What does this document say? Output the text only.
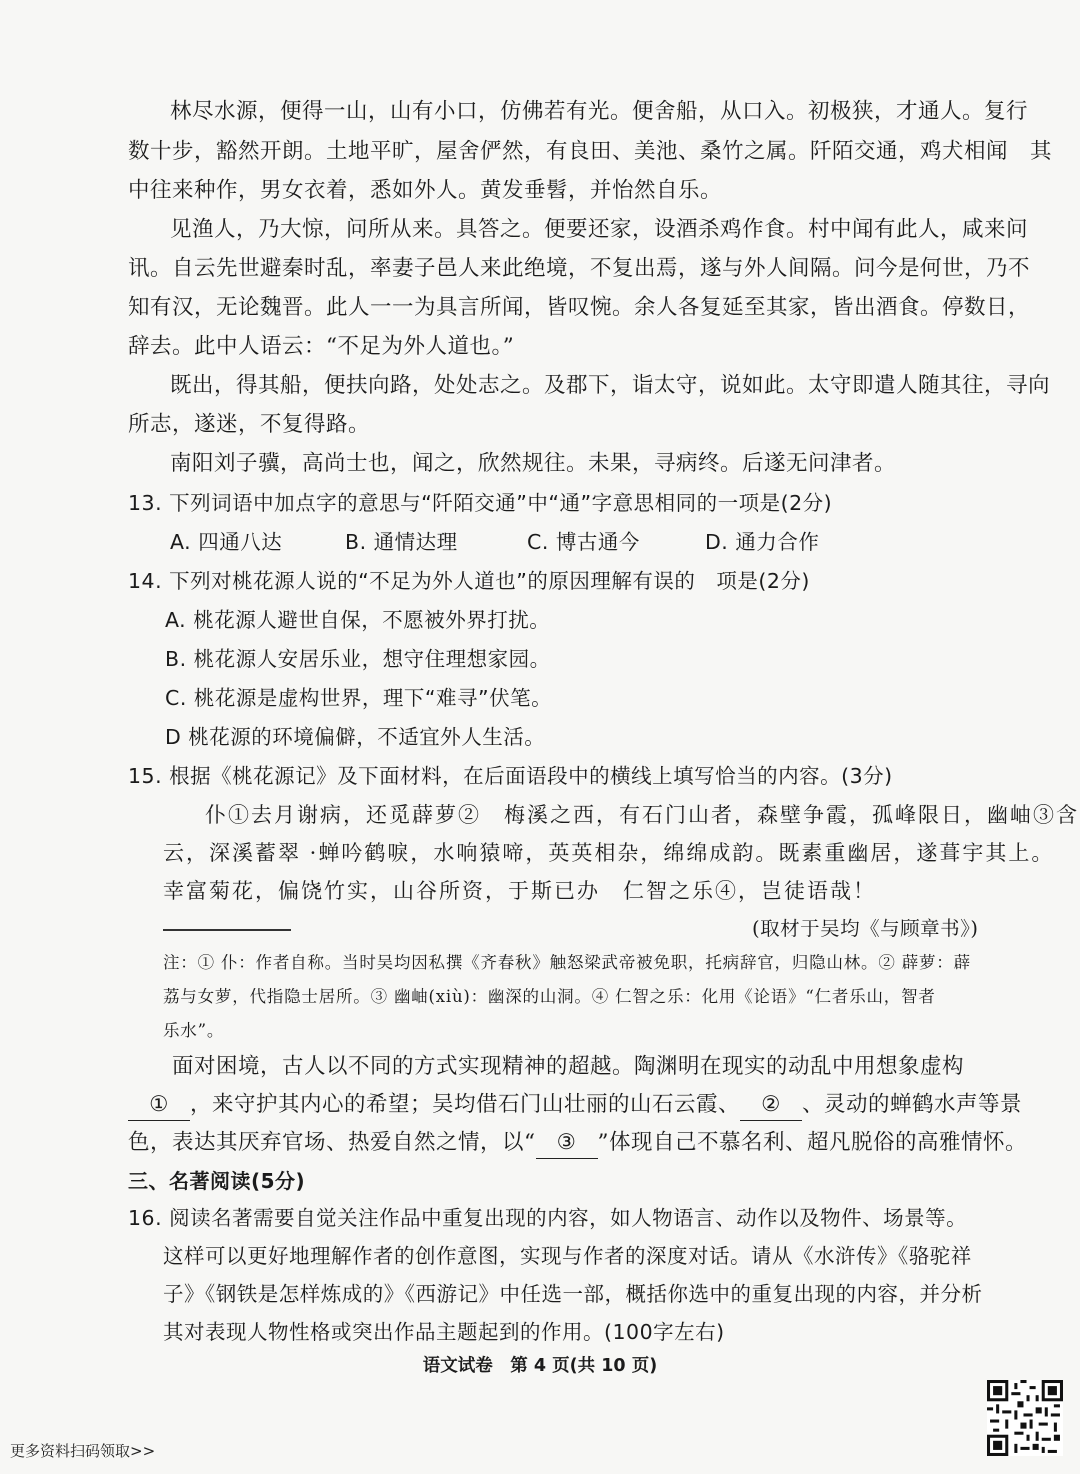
林尽水源，便得一山，山有小口，仿佛若有光。便舍船，从口入。初极狭，才通人。复行
数十步，豁然开朗。土地平旷，屋舍俨然，有良田、美池、桑竹之属。阡陌交通，鸡犬相闻　其
中往来种作，男女衣着，悉如外人。黄发垂髫，并怡然自乐。
见渔人，乃大惊，问所从来。具答之。便要还家，设酒杀鸡作食。村中闻有此人，咸来问
讯。自云先世避秦时乱，率妻子邑人来此绝境，不复出焉，遂与外人间隔。问今是何世，乃不
知有汉，无论魏晋。此人一一为具言所闻，皆叹惋。余人各复延至其家，皆出酒食。停数日，
辞去。此中人语云：“不足为外人道也。”
既出，得其船，便扶向路，处处志之。及郡下，诣太守，说如此。太守即遣人随其往，寻向
所志，遂迷，不复得路。
南阳刘子骥，高尚士也，闻之，欣然规往。未果，寻病终。后遂无问津者。
13. 下列词语中加点字的意思与“阡陌交通”中“通”字意思相同的一项是(2分)
A. 四通八达	B. 通情达理	C. 博古通今	D. 通力合作
14. 下列对桃花源人说的“不足为外人道也”的原因理解有误的　项是(2分)
A. 桃花源人避世自保，不愿被外界打扰。
B. 桃花源人安居乐业，想守住理想家园。
C. 桃花源是虚构世界，理下“难寻”伏笔。
D 桃花源的环境偏僻，不适宜外人生活。
15. 根据《桃花源记》及下面材料，在后面语段中的横线上填写恰当的内容。(3分)
仆①去月谢病，还觅薜萝②　梅溪之西，有石门山者，森壁争霞，孤峰限日，幽岫③含
云，深溪蓄翠 ·蝉吟鹤唳，水响猿啼，英英相杂，绵绵成韵。既素重幽居，遂葺宇其上。
幸富菊花，偏饶竹实，山谷所资，于斯已办　仁智之乐④，岂徒语哉！
(取材于吴均《与顾章书》)
注：① 仆：作者自称。当时吴均因私撰《齐春秋》触怒梁武帝被免职，托病辞官，归隐山林。② 薜萝：薜
荔与女萝，代指隐士居所。③ 幽岫(xiù)：幽深的山洞。④ 仁智之乐：化用《论语》“仁者乐山，智者
乐水”。
面对困境，古人以不同的方式实现精神的超越。陶渊明在现实的动乱中用想象虚构
① ，来守护其内心的希望；吴均借石门山壮丽的山石云霞、 ② 、灵动的蝉鹤水声等景
色，表达其厌弃官场、热爱自然之情，以“ ③ ”体现自己不慕名利、超凡脱俗的高雅情怀。
三、名著阅读(5分)
16. 阅读名著需要自觉关注作品中重复出现的内容，如人物语言、动作以及物件、场景等。
这样可以更好地理解作者的创作意图，实现与作者的深度对话。请从《水浒传》《骆驼祥
子》《钢铁是怎样炼成的》《西游记》中任选一部，概括你选中的重复出现的内容，并分析
其对表现人物性格或突出作品主题起到的作用。(100字左右)
语文试卷　第 4 页(共 10 页)
更多资料扫码领取>>
